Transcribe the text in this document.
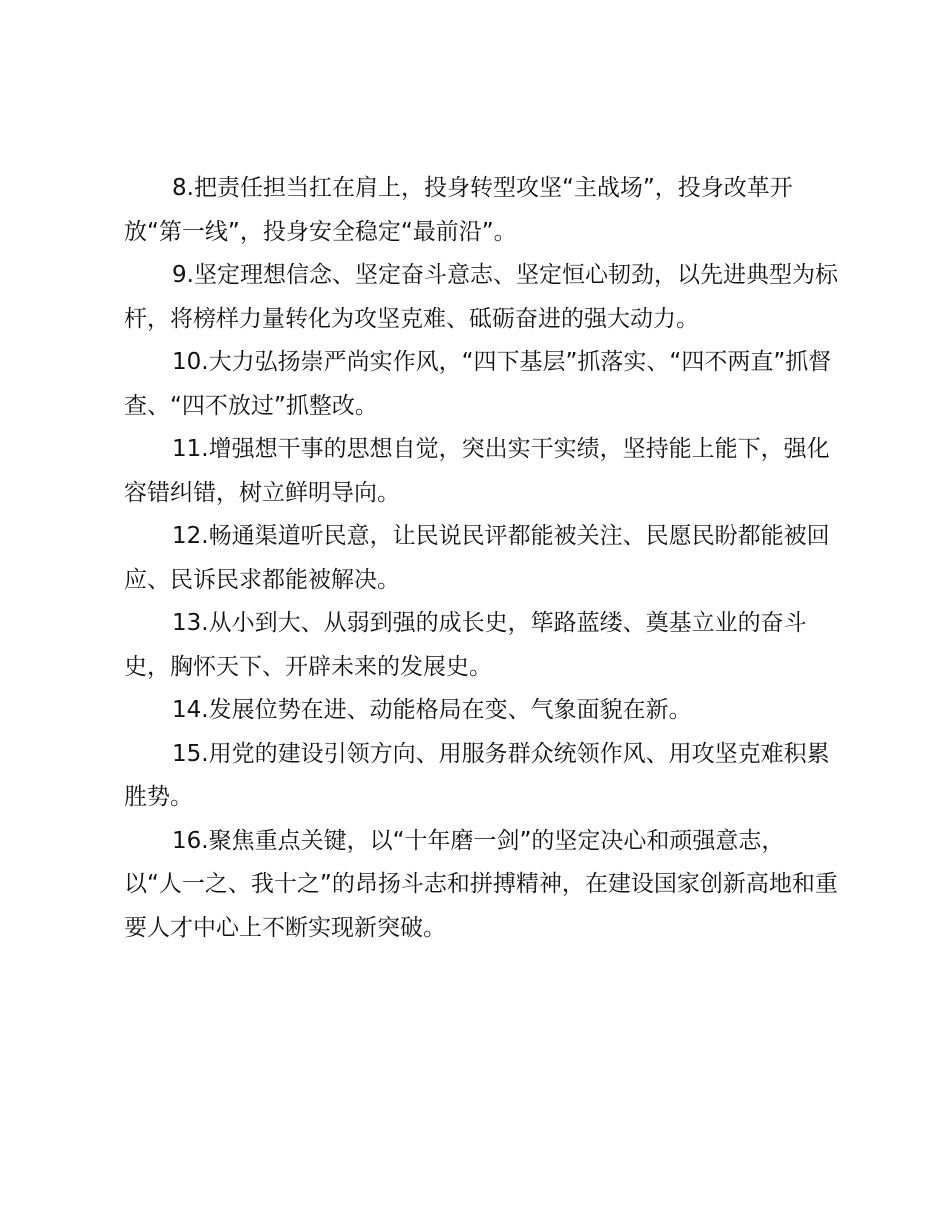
8.把责任担当扛在肩上，投身转型攻坚“主战场”，投身改革开放“第一线”，投身安全稳定“最前沿”。

9.坚定理想信念、坚定奋斗意志、坚定恒心韧劲，以先进典型为标杆，将榜样力量转化为攻坚克难、砥砺奋进的强大动力。

10.大力弘扬崇严尚实作风，“四下基层”抓落实、“四不两直”抓督查、“四不放过”抓整改。

11.增强想干事的思想自觉，突出实干实绩，坚持能上能下，强化容错纠错，树立鲜明导向。

12.畅通渠道听民意，让民说民评都能被关注、民愿民盼都能被回应、民诉民求都能被解决。

13.从小到大、从弱到强的成长史，筚路蓝缕、奠基立业的奋斗史，胸怀天下、开辟未来的发展史。

14.发展位势在进、动能格局在变、气象面貌在新。

15.用党的建设引领方向、用服务群众统领作风、用攻坚克难积累胜势。

16.聚焦重点关键，以“十年磨一剑”的坚定决心和顽强意志，以“人一之、我十之”的昂扬斗志和拼搏精神，在建设国家创新高地和重要人才中心上不断实现新突破。
